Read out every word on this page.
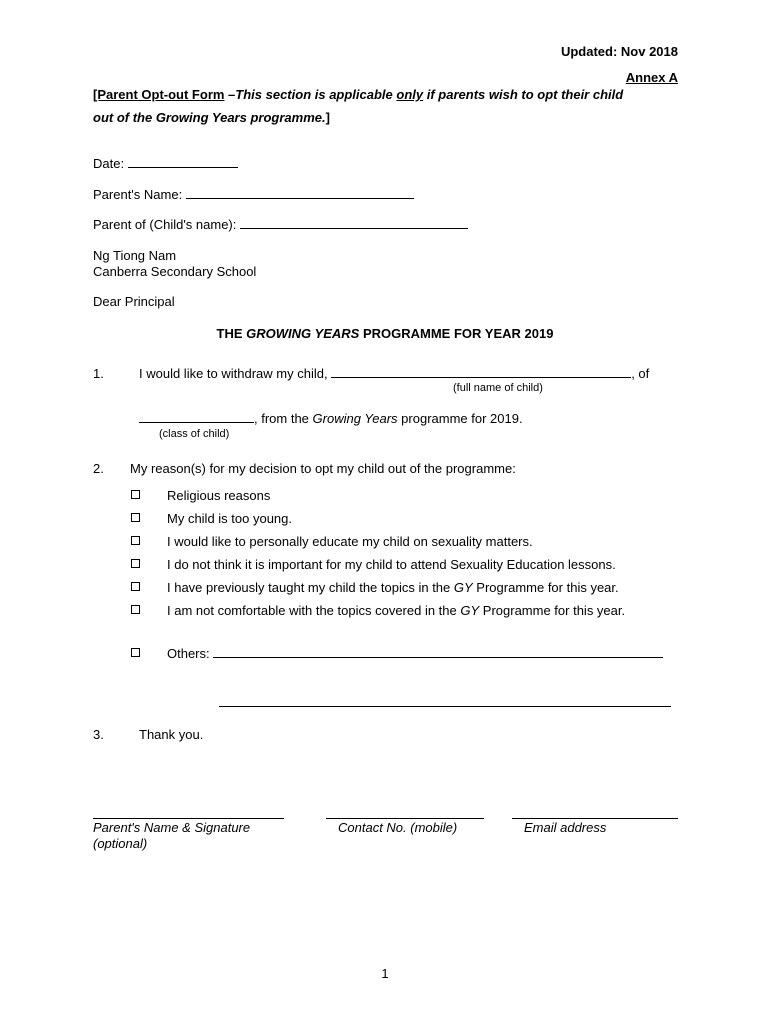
Updated: Nov 2018
Annex A
[Parent Opt-out Form –This section is applicable only if parents wish to opt their child
out of the Growing Years programme.]
Date:
Parent's Name:
Parent of (Child's name):
Ng Tiong Nam
Canberra Secondary School
Dear Principal
THE GROWING YEARS PROGRAMME FOR YEAR 2019
1.	I would like to withdraw my child,	, of
(full name of child)
, from the Growing Years programme for 2019.
(class of child)
2. My reason(s) for my decision to opt my child out of the programme:
Religious reasons
My child is too young.
I would like to personally educate my child on sexuality matters.
I do not think it is important for my child to attend Sexuality Education lessons.
I have previously taught my child the topics in the GY Programme for this year.
I am not comfortable with the topics covered in the GY Programme for this year.
Others:
3.	Thank you.
Parent's Name & Signature
(optional)
Contact No. (mobile)	Email address
1
